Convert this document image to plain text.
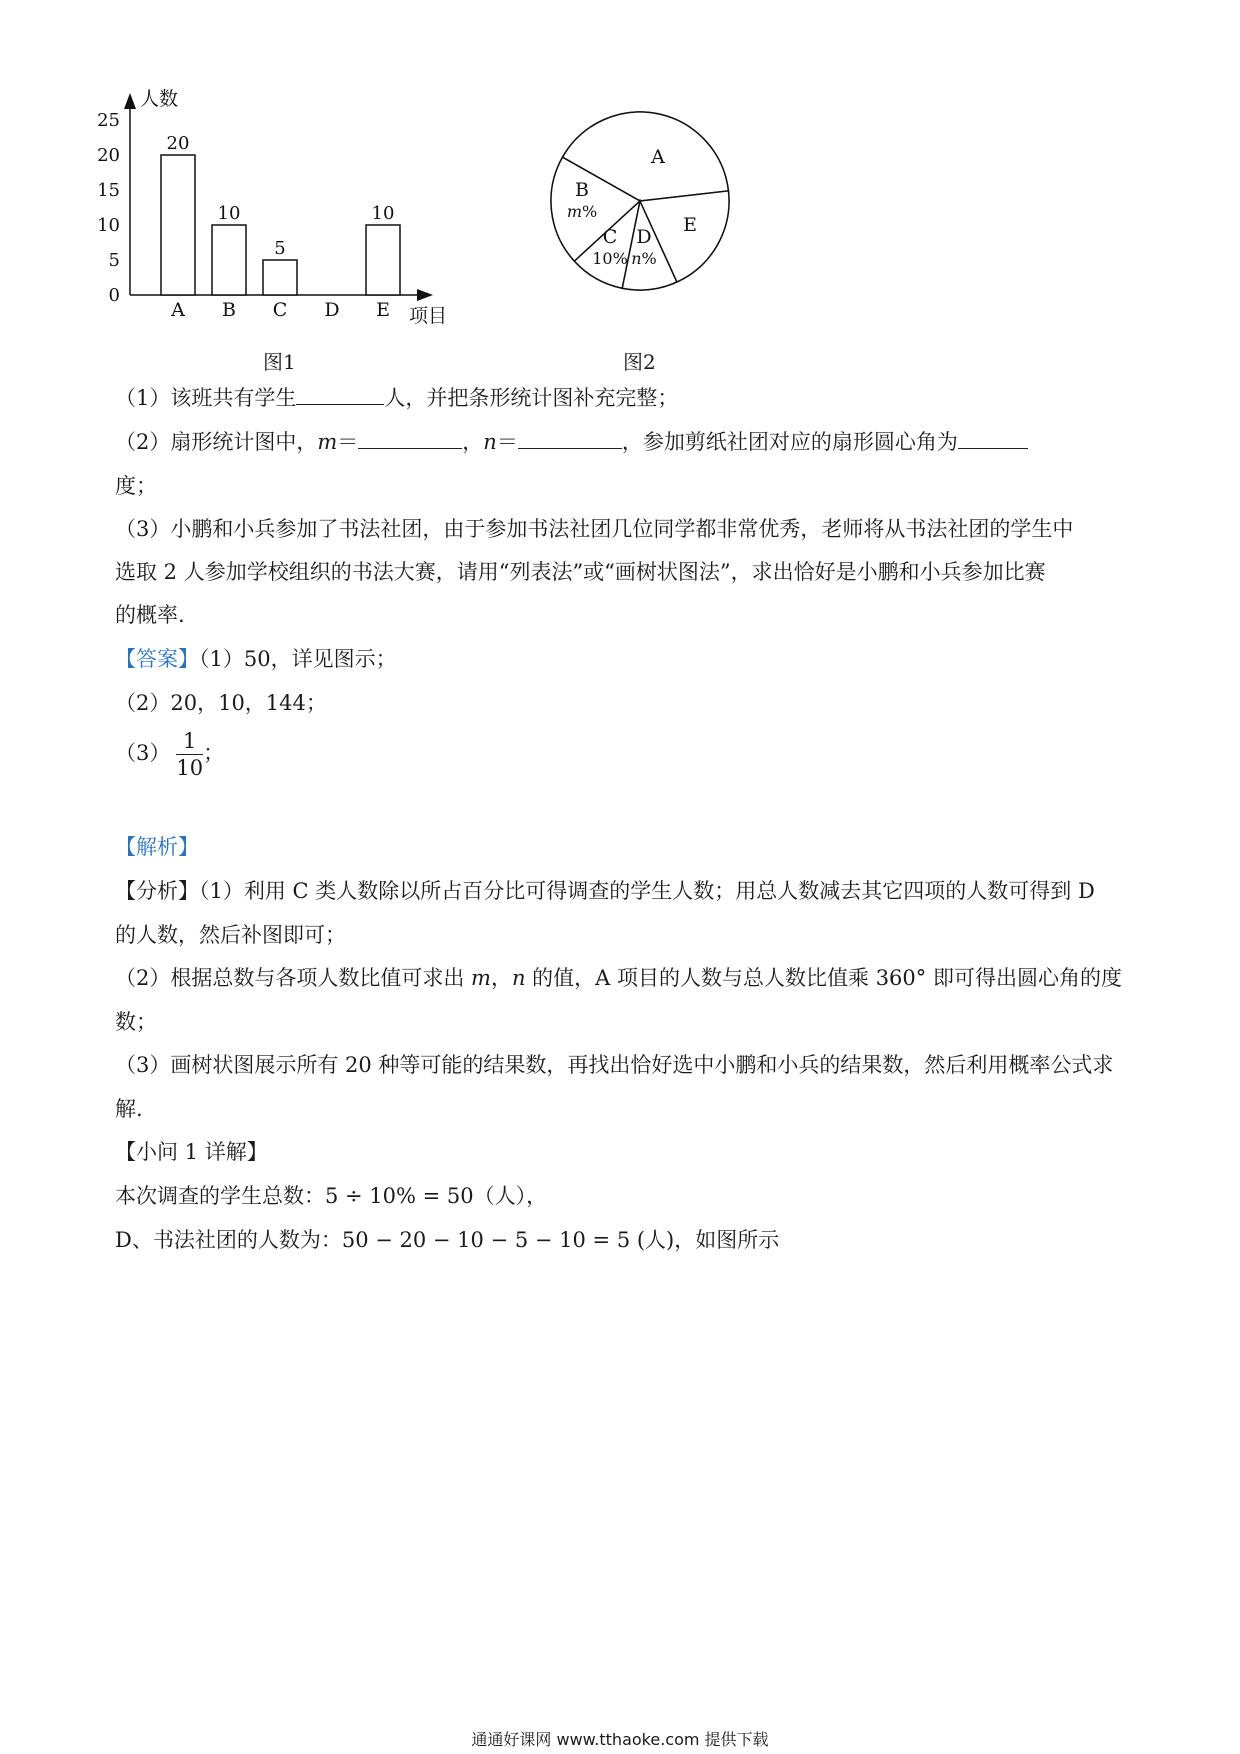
人数
项目
0
5
10
15
20
25
A B C D E
20
10
5
10
图1
A
B
m%
C
10%
D
n%
E
图2
（1）该班共有学生	人，并把条形统计图补充完整；
（2）扇形统计图中，m＝	，n＝	，参加剪纸社团对应的扇形圆心角为
度；
（3）小鹏和小兵参加了书法社团，由于参加书法社团几位同学都非常优秀，老师将从书法社团的学生中
选取 2 人参加学校组织的书法大赛，请用“列表法”或“画树状图法”，求出恰好是小鹏和小兵参加比赛
的概率.
【答案】（1）50，详见图示；
（2）20，10，144；
$(3) \frac{1}{10}$ ；
【解析】
【分析】（1）利用 C 类人数除以所占百分比可得调查的学生人数；用总人数减去其它四项的人数可得到 D
的人数，然后补图即可；
（2）根据总数与各项人数比值可求出 m，n 的值，A 项目的人数与总人数比值乘 360° 即可得出圆心角的度
数；
（3）画树状图展示所有 20 种等可能的结果数，再找出恰好选中小鹏和小兵的结果数，然后利用概率公式求
解.
【小问 1 详解】
本次调查的学生总数：5 ÷ 10% = 50（人），
D、书法社团的人数为：50 − 20 − 10 − 5 − 10 = 5 (人)，如图所示
通通好课网 www.tthaoke.com 提供下载
